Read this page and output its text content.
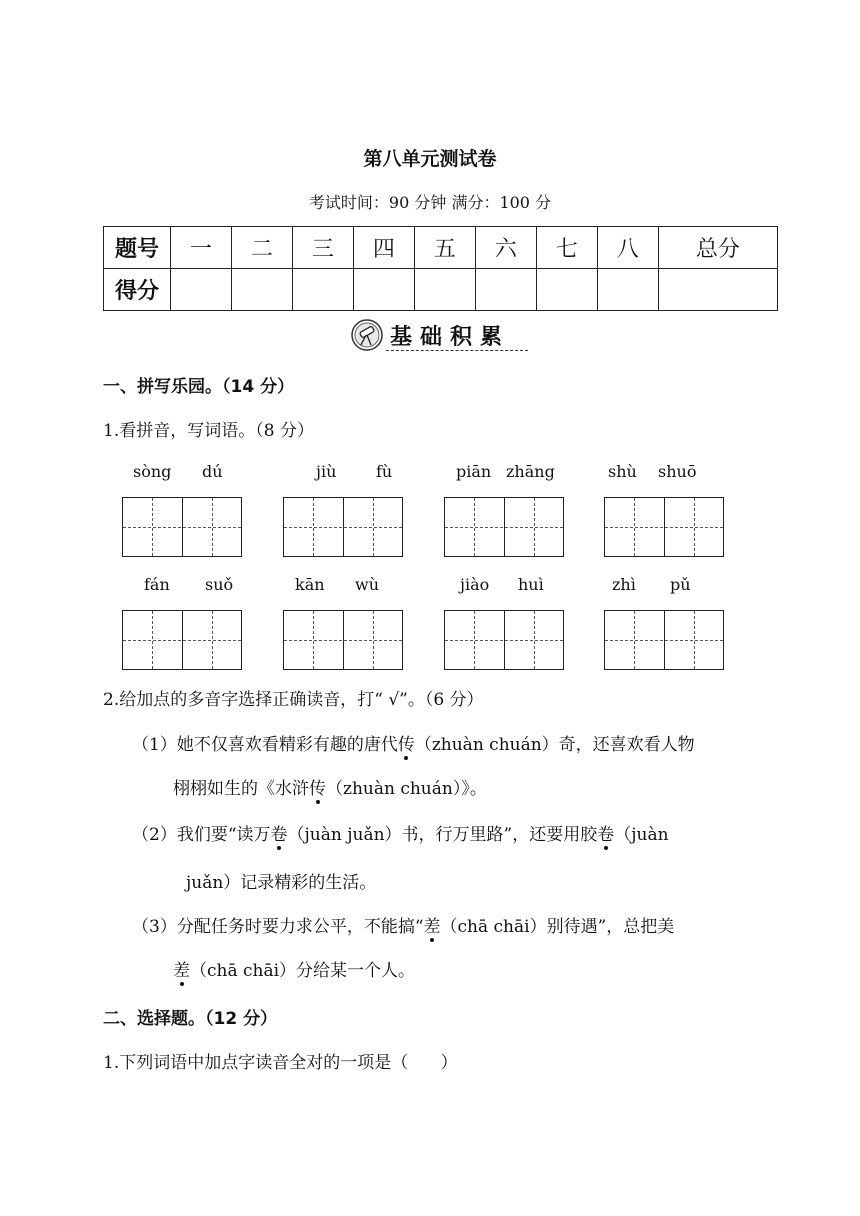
第八单元测试卷
考试时间：90 分钟 满分：100 分
题号	一	二	三	四	五	六	七	八	总分
得分									
基础积累
一、拼写乐园。（14 分）
1.看拼音，写词语。（8 分）
sòng dú	jiù fù	piān zhāng	shù shuō
fán suǒ	kān wù	jiào huì	zhì pǔ
2.给加点的多音字选择正确读音，打“ √”。（6 分）
（1）她不仅喜欢看精彩有趣的唐代传（zhuàn chuán）奇，还喜欢看人物
栩栩如生的《水浒传（zhuàn chuán）》。
（2）我们要“读万卷（juàn juǎn）书，行万里路”，还要用胶卷（juàn
juǎn）记录精彩的生活。
（3）分配任务时要力求公平，不能搞“差（chā chāi）别待遇”，总把美
差（chā chāi）分给某一个人。
二、选择题。（12 分）
1.下列词语中加点字读音全对的一项是（      ）
